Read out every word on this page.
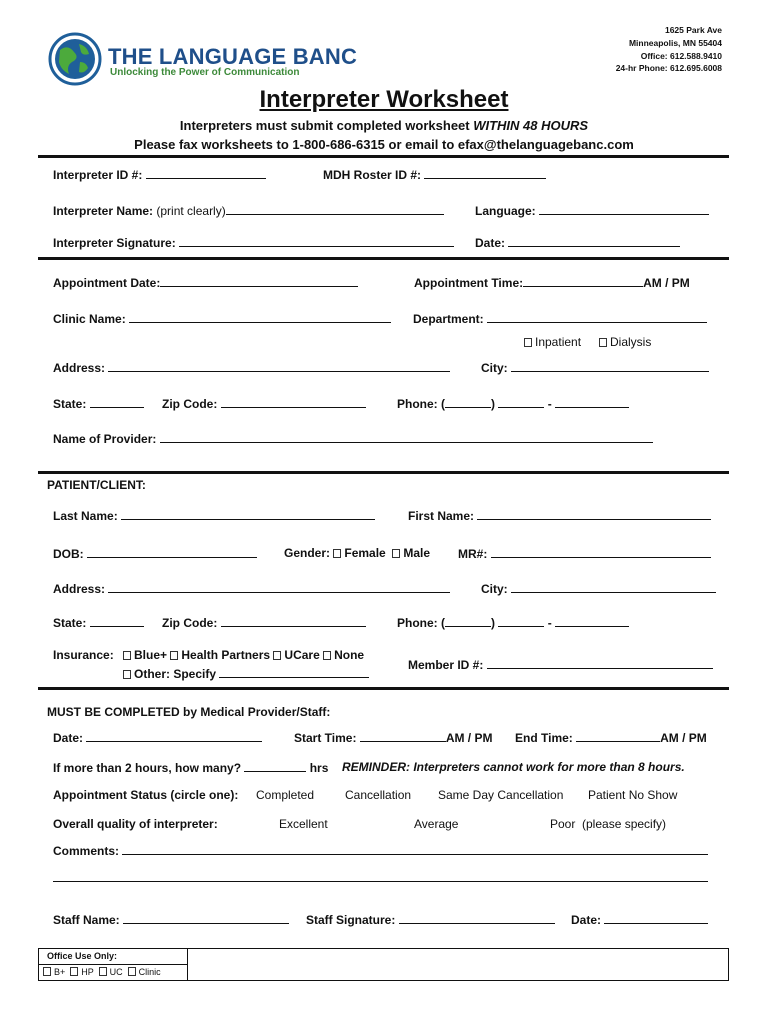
THE LANGUAGE BANC
Unlocking the Power of Communication
1625 Park Ave
Minneapolis, MN 55404
Office: 612.588.9410
24-hr Phone: 612.695.6008
Interpreter Worksheet
Interpreters must submit completed worksheet WITHIN 48 HOURS
Please fax worksheets to 1-800-686-6315 or email to efax@thelanguagebanc.com
Interpreter ID #:	MDH Roster ID #:
Interpreter Name: (print clearly)	Language:
Interpreter Signature:	Date:
Appointment Date:	Appointment Time:	AM / PM
Clinic Name:	Department:
Inpatient	Dialysis
Address:	City:
State:	Zip Code:	Phone: (	)	-
Name of Provider:
PATIENT/CLIENT:
Last Name:	First Name:
DOB:	Gender: Female Male MR#:
Address:	City:
State:	Zip Code:	Phone: (	)	-
Insurance:	Blue+ Health Partners UCare None
Other: Specify
Member ID #:
MUST BE COMPLETED by Medical Provider/Staff:
Date:	Start Time:	AM / PM End Time:	AM / PM
If more than 2 hours, how many?	hrs REMINDER: Interpreters cannot work for more than 8 hours.
Appointment Status (circle one): Completed	Cancellation Same Day Cancellation Patient No Show
Overall quality of interpreter:	Excellent	Average	Poor  (please specify)
Comments:
Staff Name:	Staff Signature:	Date:
Office Use Only:
B+ HP UC Clinic
